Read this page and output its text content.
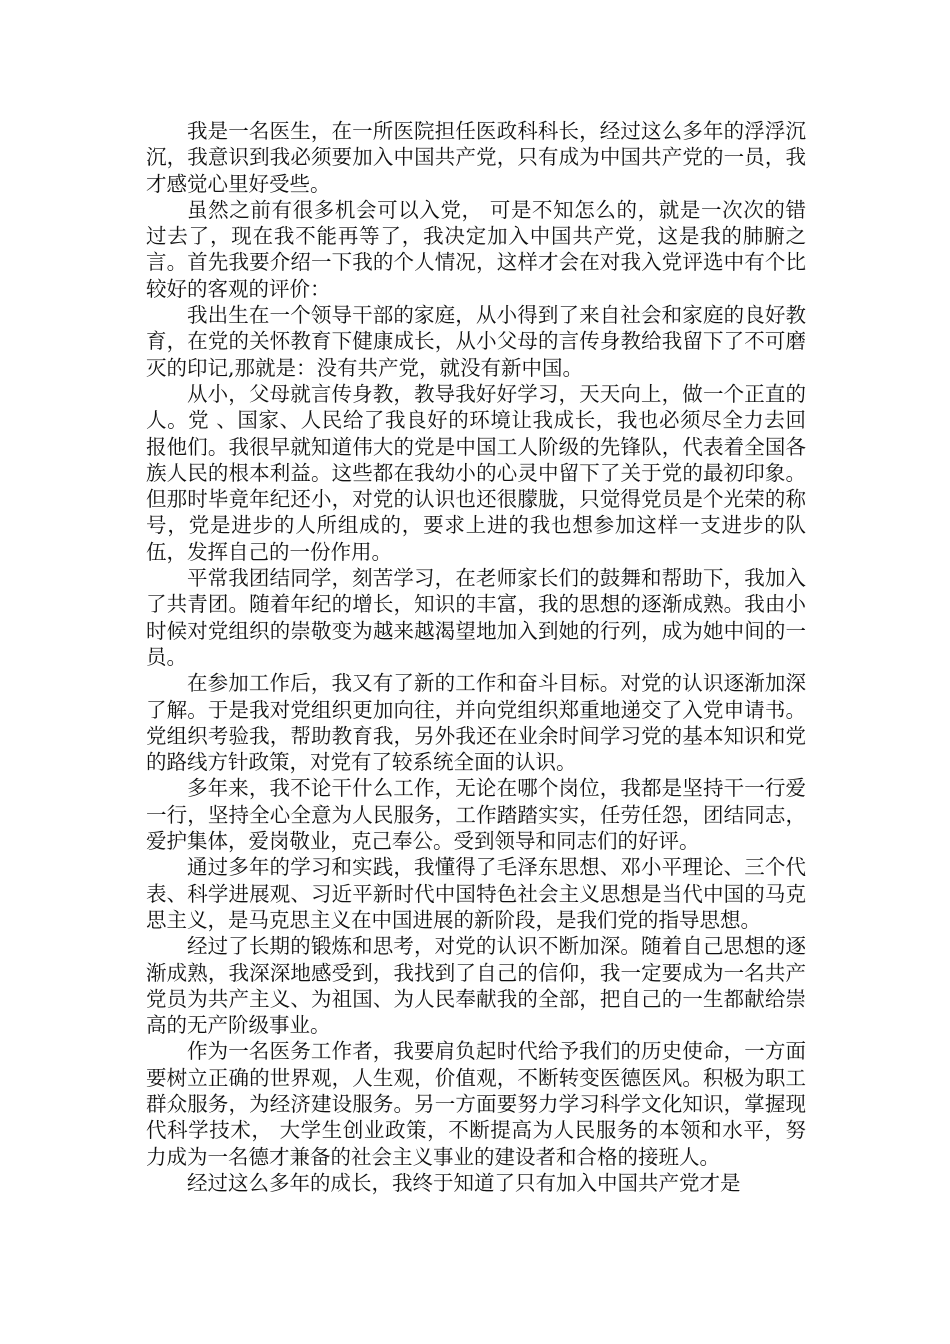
我是一名医生，在一所医院担任医政科科长，经过这么多年的浮浮沉沉，我意识到我必须要加入中国共产党，只有成为中国共产党的一员，我才感觉心里好受些。

虽然之前有很多机会可以入党， 可是不知怎么的，就是一次次的错过去了，现在我不能再等了，我决定加入中国共产党，这是我的肺腑之言。首先我要介绍一下我的个人情况，这样才会在对我入党评选中有个比较好的客观的评价：

我出生在一个领导干部的家庭，从小得到了来自社会和家庭的良好教育，在党的关怀教育下健康成长，从小父母的言传身教给我留下了不可磨灭的印记,那就是：没有共产党，就没有新中国。

从小，父母就言传身教，教导我好好学习，天天向上，做一个正直的人。党 、国家、人民给了我良好的环境让我成长，我也必须尽全力去回报他们。我很早就知道伟大的党是中国工人阶级的先锋队，代表着全国各族人民的根本利益。这些都在我幼小的心灵中留下了关于党的最初印象。但那时毕竟年纪还小，对党的认识也还很朦胧，只觉得党员是个光荣的称号，党是进步的人所组成的，要求上进的我也想参加这样一支进步的队伍，发挥自己的一份作用。

平常我团结同学，刻苦学习，在老师家长们的鼓舞和帮助下，我加入了共青团。随着年纪的增长，知识的丰富，我的思想的逐渐成熟。我由小时候对党组织的崇敬变为越来越渴望地加入到她的行列，成为她中间的一员。

在参加工作后，我又有了新的工作和奋斗目标。对党的认识逐渐加深了解。于是我对党组织更加向往，并向党组织郑重地递交了入党申请书。党组织考验我，帮助教育我，另外我还在业余时间学习党的基本知识和党的路线方针政策，对党有了较系统全面的认识。

多年来，我不论干什么工作，无论在哪个岗位，我都是坚持干一行爱一行，坚持全心全意为人民服务，工作踏踏实实，任劳任怨，团结同志，爱护集体，爱岗敬业，克己奉公。受到领导和同志们的好评。

通过多年的学习和实践，我懂得了毛泽东思想、邓小平理论、三个代表、科学进展观、习近平新时代中国特色社会主义思想是当代中国的马克思主义，是马克思主义在中国进展的新阶段，是我们党的指导思想。

经过了长期的锻炼和思考，对党的认识不断加深。随着自己思想的逐渐成熟，我深深地感受到，我找到了自己的信仰，我一定要成为一名共产党员为共产主义、为祖国、为人民奉献我的全部，把自己的一生都献给崇高的无产阶级事业。

作为一名医务工作者，我要肩负起时代给予我们的历史使命，一方面要树立正确的世界观，人生观，价值观，不断转变医德医风。积极为职工群众服务，为经济建设服务。另一方面要努力学习科学文化知识，掌握现代科学技术， 大学生创业政策，不断提高为人民服务的本领和水平，努力成为一名德才兼备的社会主义事业的建设者和合格的接班人。

经过这么多年的成长，我终于知道了只有加入中国共产党才是
